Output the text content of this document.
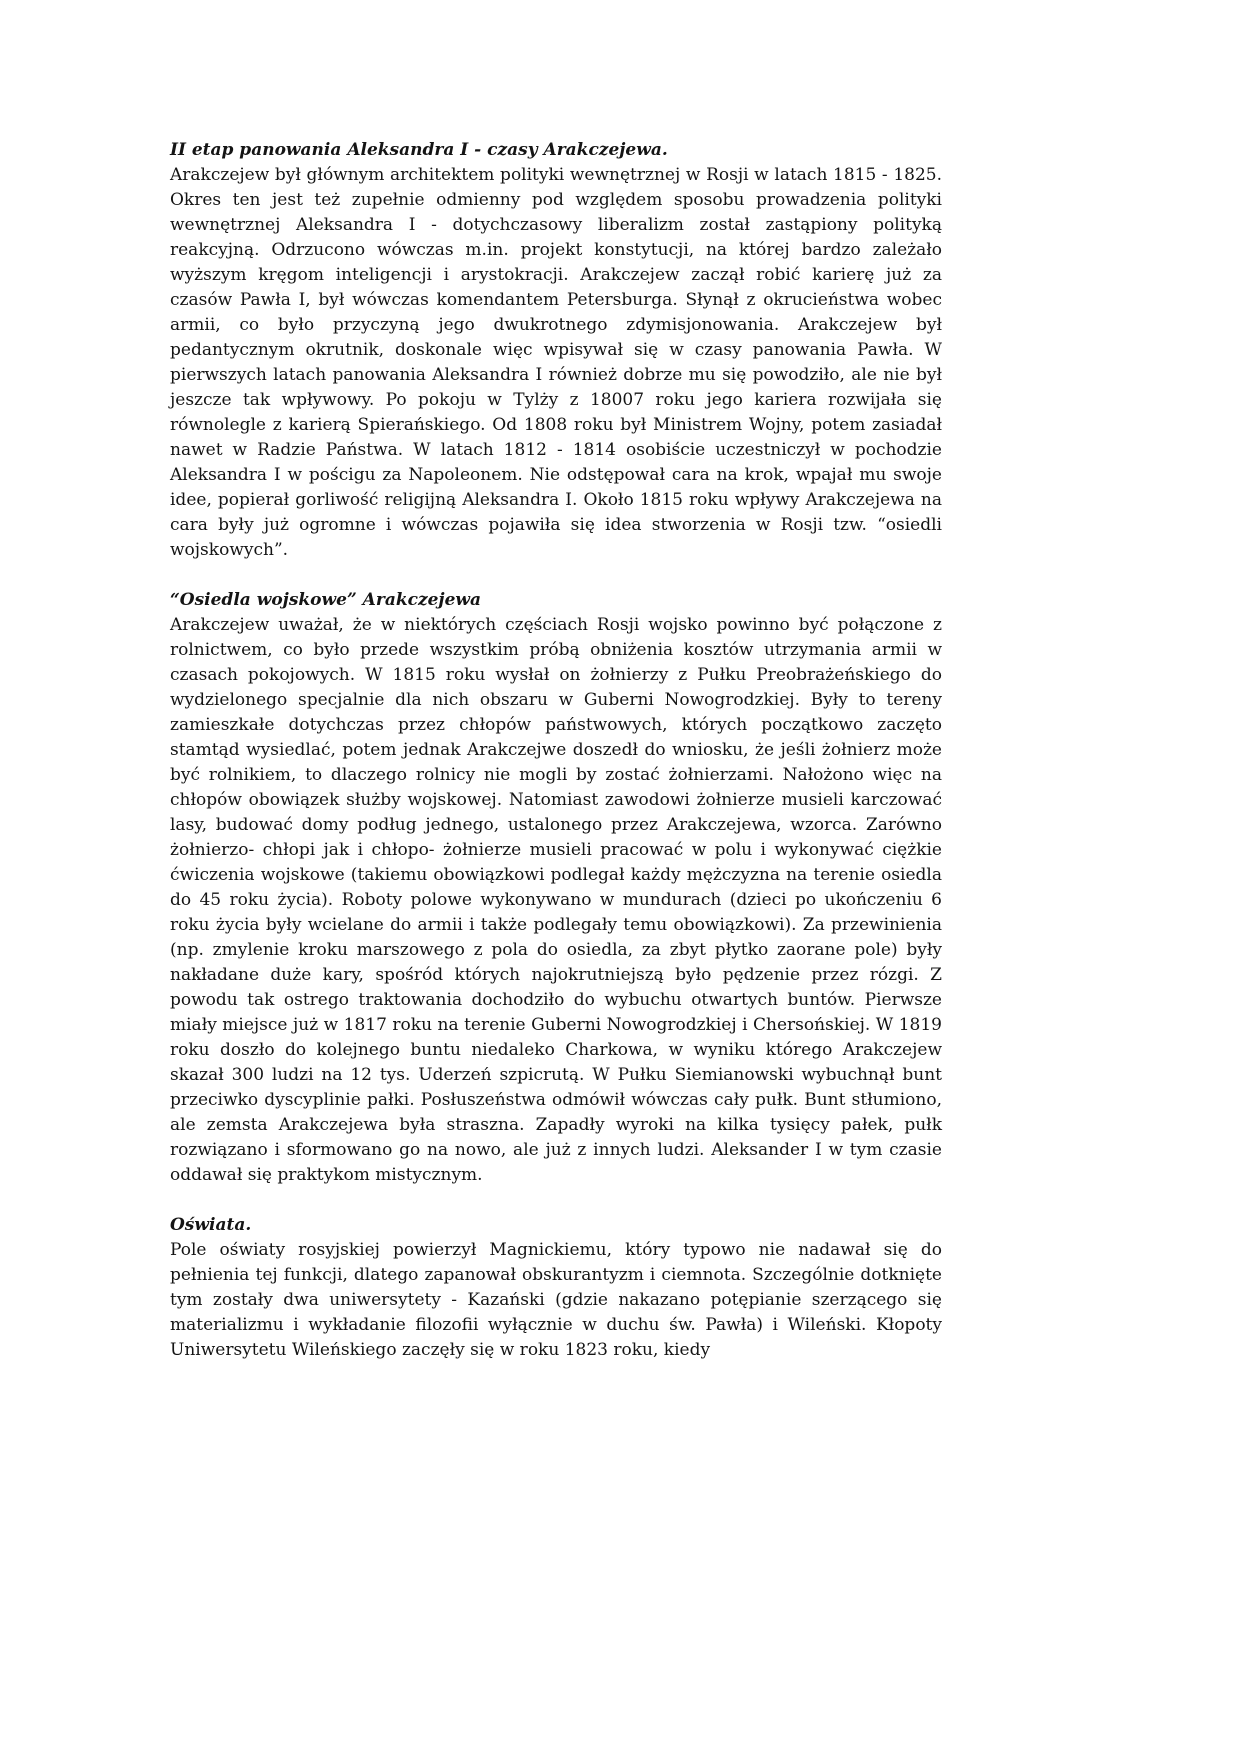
II etap panowania Aleksandra I - czasy Arakczejewa.

Arakczejew był głównym architektem polityki wewnętrznej w Rosji w latach 1815 - 1825. Okres ten jest też zupełnie odmienny pod względem sposobu prowadzenia polityki wewnętrznej Aleksandra I - dotychczasowy liberalizm został zastąpiony polityką reakcyjną. Odrzucono wówczas m.in. projekt konstytucji, na której bardzo zależało wyższym kręgom inteligencji i arystokracji. Arakczejew zaczął robić karierę już za czasów Pawła I, był wówczas komendantem Petersburga. Słynął z okrucieństwa wobec armii, co było przyczyną jego dwukrotnego zdymisjonowania. Arakczejew był pedantycznym okrutnik, doskonale więc wpisywał się w czasy panowania Pawła. W pierwszych latach panowania Aleksandra I również dobrze mu się powodziło, ale nie był jeszcze tak wpływowy. Po pokoju w Tylży z 18007 roku jego kariera rozwijała się równolegle z karierą Spierańskiego. Od 1808 roku był Ministrem Wojny, potem zasiadał nawet w Radzie Państwa. W latach 1812 - 1814 osobiście uczestniczył w pochodzie Aleksandra I w pościgu za Napoleonem. Nie odstępował cara na krok, wpajał mu swoje idee, popierał gorliwość religijną Aleksandra I. Około 1815 roku wpływy Arakczejewa na cara były już ogromne i wówczas pojawiła się idea stworzenia w Rosji tzw. “osiedli wojskowych”.

“Osiedla wojskowe” Arakczejewa

Arakczejew uważał, że w niektórych częściach Rosji wojsko powinno być połączone z rolnictwem, co było przede wszystkim próbą obniżenia kosztów utrzymania armii w czasach pokojowych. W 1815 roku wysłał on żołnierzy z Pułku Preobrażeńskiego do wydzielonego specjalnie dla nich obszaru w Guberni Nowogrodzkiej. Były to tereny zamieszkałe dotychczas przez chłopów państwowych, których początkowo zaczęto stamtąd wysiedlać, potem jednak Arakczejwe doszedł do wniosku, że jeśli żołnierz może być rolnikiem, to dlaczego rolnicy nie mogli by zostać żołnierzami. Nałożono więc na chłopów obowiązek służby wojskowej. Natomiast zawodowi żołnierze musieli karczować lasy, budować domy podług jednego, ustalonego przez Arakczejewa, wzorca. Zarówno żołnierzo- chłopi jak i chłopo- żołnierze musieli pracować w polu i wykonywać ciężkie ćwiczenia wojskowe (takiemu obowiązkowi podlegał każdy mężczyzna na terenie osiedla do 45 roku życia). Roboty polowe wykonywano w mundurach (dzieci po ukończeniu 6 roku życia były wcielane do armii i także podlegały temu obowiązkowi). Za przewinienia (np. zmylenie kroku marszowego z pola do osiedla, za zbyt płytko zaorane pole) były nakładane duże kary, spośród których najokrutniejszą było pędzenie przez rózgi. Z powodu tak ostrego traktowania dochodziło do wybuchu otwartych buntów. Pierwsze miały miejsce już w 1817 roku na terenie Guberni Nowogrodzkiej i Chersońskiej. W 1819 roku doszło do kolejnego buntu niedaleko Charkowa, w wyniku którego Arakczejew skazał 300 ludzi na 12 tys. Uderzeń szpicrutą. W Pułku Siemianowski wybuchnął bunt przeciwko dyscyplinie pałki. Posłuszeństwa odmówił wówczas cały pułk. Bunt stłumiono, ale zemsta Arakczejewa była straszna. Zapadły wyroki na kilka tysięcy pałek, pułk rozwiązano i sformowano go na nowo, ale już z innych ludzi. Aleksander I w tym czasie oddawał się praktykom mistycznym.

Oświata.

Pole oświaty rosyjskiej powierzył Magnickiemu, który typowo nie nadawał się do pełnienia tej funkcji, dlatego zapanował obskurantyzm i ciemnota. Szczególnie dotknięte tym zostały dwa uniwersytety - Kazański (gdzie nakazano potępianie szerzącego się materializmu i wykładanie filozofii wyłącznie w duchu św. Pawła) i Wileński. Kłopoty Uniwersytetu Wileńskiego zaczęły się w roku 1823 roku, kiedy
